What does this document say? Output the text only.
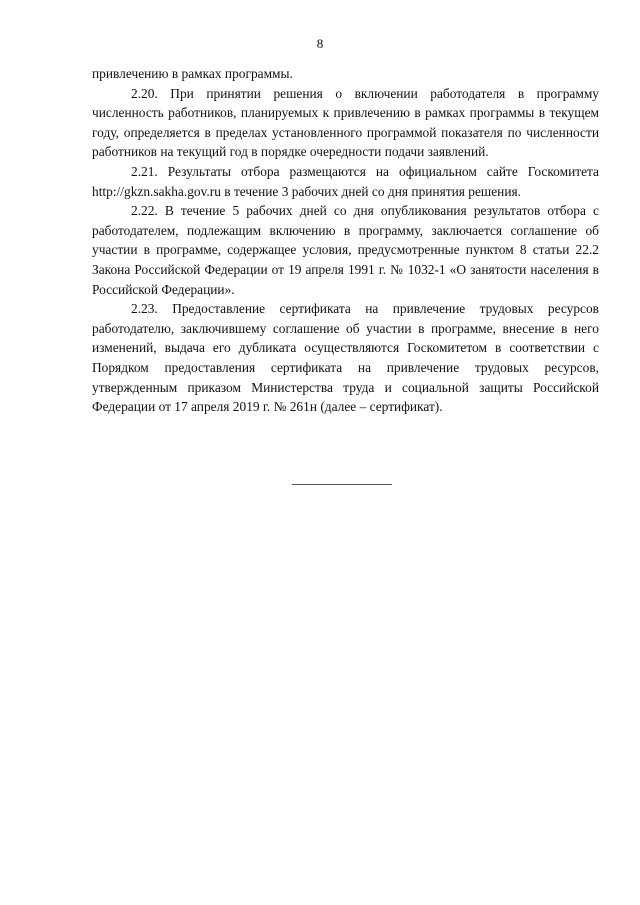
8

привлечению в рамках программы.

2.20. При принятии решения о включении работодателя в программу численность работников, планируемых к привлечению в рамках программы в текущем году, определяется в пределах установленного программой показателя по численности работников на текущий год в порядке очередности подачи заявлений.

2.21. Результаты отбора размещаются на официальном сайте Госкомитета http://gkzn.sakha.gov.ru в течение 3 рабочих дней со дня принятия решения.

2.22. В течение 5 рабочих дней со дня опубликования результатов отбора с работодателем, подлежащим включению в программу, заключается соглашение об участии в программе, содержащее условия, предусмотренные пунктом 8 статьи 22.2 Закона Российской Федерации от 19 апреля 1991 г. № 1032-1 «О занятости населения в Российской Федерации».

2.23. Предоставление сертификата на привлечение трудовых ресурсов работодателю, заключившему соглашение об участии в программе, внесение в него изменений, выдача его дубликата осуществляются Госкомитетом в соответствии с Порядком предоставления сертификата на привлечение трудовых ресурсов, утвержденным приказом Министерства труда и социальной защиты Российской Федерации от 17 апреля 2019 г. № 261н (далее – сертификат).
